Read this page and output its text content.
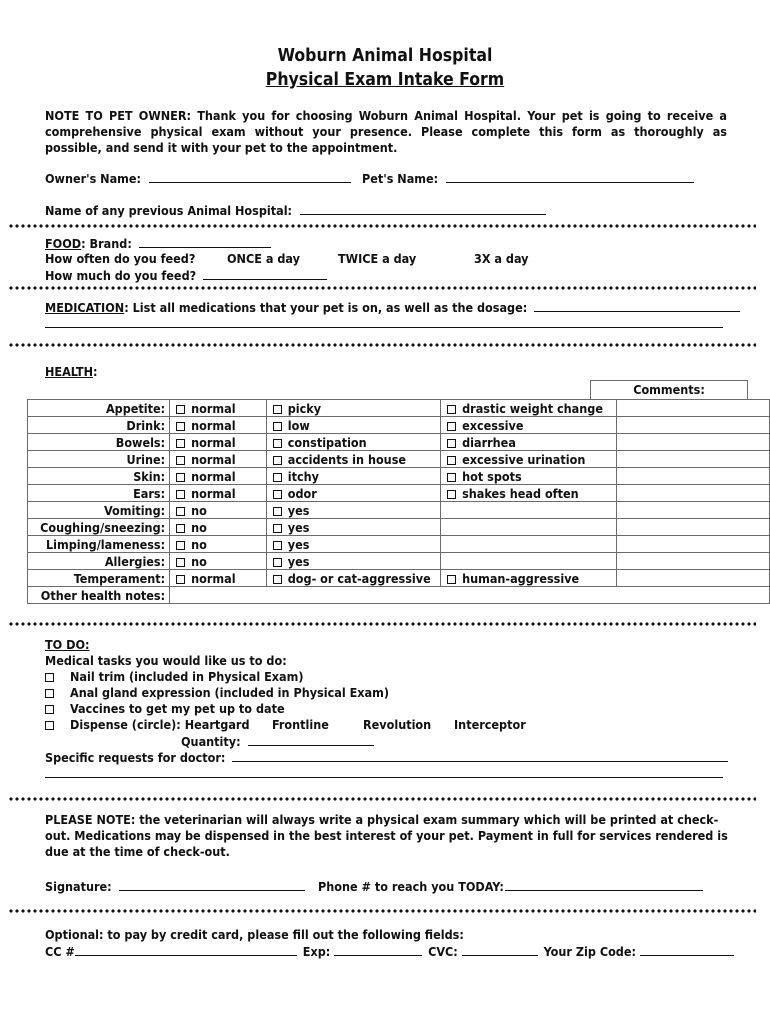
Woburn Animal Hospital
Physical Exam Intake Form
NOTE TO PET OWNER: Thank you for choosing Woburn Animal Hospital. Your pet is going to receive a comprehensive physical exam without your presence. Please complete this form as thoroughly as possible, and send it with your pet to the appointment.
Owner's Name:	Pet's Name:
Name of any previous Animal Hospital:
FOOD: Brand:
How often do you feed?	ONCE a day	TWICE a day	3X a day
How much do you feed?
MEDICATION: List all medications that your pet is on, as well as the dosage:
HEALTH:
Comments:
Appetite:	normal	picky	drastic weight change	
Drink:	normal	low	excessive	
Bowels:	normal	constipation	diarrhea	
Urine:	normal	accidents in house	excessive urination	
Skin:	normal	itchy	hot spots	
Ears:	normal	odor	shakes head often	
Vomiting:	no	yes		
Coughing/sneezing:	no	yes		
Limping/lameness:	no	yes		
Allergies:	no	yes		
Temperament:	normal	dog- or cat-aggressive	human-aggressive	
Other health notes:				
TO DO:
Medical tasks you would like us to do:
Nail trim (included in Physical Exam)
Anal gland expression (included in Physical Exam)
Vaccines to get my pet up to date
Dispense (circle): Heartgard Frontline	Revolution Interceptor
Quantity:
Specific requests for doctor:
PLEASE NOTE: the veterinarian will always write a physical exam summary which will be printed at check-out. Medications may be dispensed in the best interest of your pet. Payment in full for services rendered is due at the time of check-out.
Signature:	Phone # to reach you TODAY:
Optional: to pay by credit card, please fill out the following fields:
CC #	Exp:	CVC:	Your Zip Code:
